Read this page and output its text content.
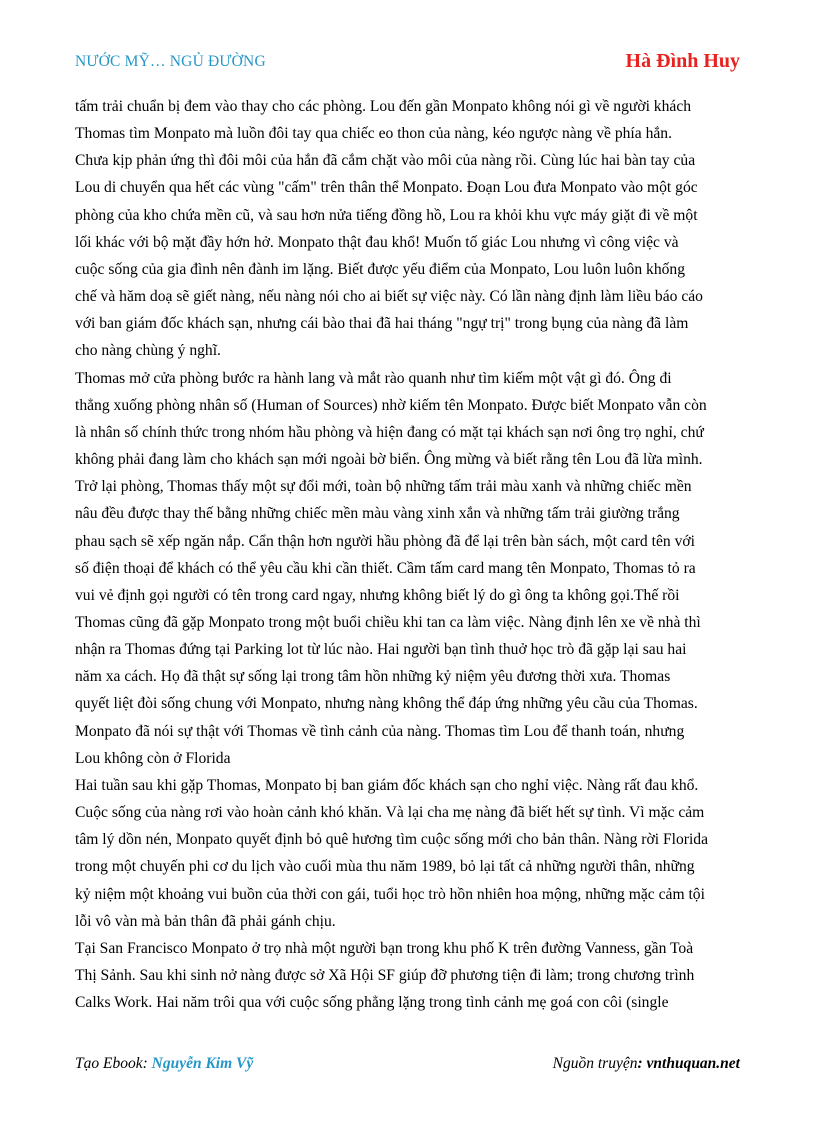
NƯỚC MỸ… NGỦ ĐƯỜNG	Hà Đình Huy

tấm trải chuẩn bị đem vào thay cho các phòng. Lou đến gần Monpato không nói gì về người khách
Thomas tìm Monpato mà luồn đôi tay qua chiếc eo thon của nàng, kéo ngược nàng về phía hắn.
Chưa kịp phản ứng thì đôi môi của hắn đã cắm chặt vào môi của nàng rồi. Cùng lúc hai bàn tay của
Lou di chuyển qua hết các vùng "cấm" trên thân thể Monpato. Đoạn Lou đưa Monpato vào một góc
phòng của kho chứa mền cũ, và sau hơn nửa tiếng đồng hồ, Lou ra khỏi khu vực máy giặt đi về một
lối khác với bộ mặt đầy hớn hở. Monpato thật đau khổ! Muốn tố giác Lou nhưng vì công việc và
cuộc sống của gia đình nên đành im lặng. Biết được yếu điểm của Monpato, Lou luôn luôn khống
chế và hăm doạ sẽ giết nàng, nếu nàng nói cho ai biết sự việc này. Có lần nàng định làm liều báo cáo
với ban giám đốc khách sạn, nhưng cái bào thai đã hai tháng "ngự trị" trong bụng của nàng đã làm
cho nàng chùng ý nghĩ.

Thomas mở cửa phòng bước ra hành lang và mắt rào quanh như tìm kiếm một vật gì đó. Ông đi
thẳng xuống phòng nhân số (Human of Sources) nhờ kiếm tên Monpato. Được biết Monpato vẫn còn
là nhân số chính thức trong nhóm hầu phòng và hiện đang có mặt tại khách sạn nơi ông trọ nghỉ, chứ
không phải đang làm cho khách sạn mới ngoài bờ biển. Ông mừng và biết rằng tên Lou đã lừa mình.
Trở lại phòng, Thomas thấy một sự đổi mới, toàn bộ những tấm trải màu xanh và những chiếc mền
nâu đều được thay thế bằng những chiếc mền màu vàng xinh xắn và những tấm trải giường trắng
phau sạch sẽ xếp ngăn nắp. Cẩn thận hơn người hầu phòng đã để lại trên bàn sách, một card tên với
số điện thoại để khách có thể yêu cầu khi cần thiết. Cầm tấm card mang tên Monpato, Thomas tỏ ra
vui vẻ định gọi người có tên trong card ngay, nhưng không biết lý do gì ông ta không gọi.Thế rồi
Thomas cũng đã gặp Monpato trong một buổi chiều khi tan ca làm việc. Nàng định lên xe về nhà thì
nhận ra Thomas đứng tại Parking lot từ lúc nào. Hai người bạn tình thuở học trò đã gặp lại sau hai
năm xa cách. Họ đã thật sự sống lại trong tâm hồn những kỷ niệm yêu đương thời xưa. Thomas
quyết liệt đòi sống chung với Monpato, nhưng nàng không thể đáp ứng những yêu cầu của Thomas.
Monpato đã nói sự thật với Thomas về tình cảnh của nàng. Thomas tìm Lou để thanh toán, nhưng
Lou không còn ở Florida

Hai tuần sau khi gặp Thomas, Monpato bị ban giám đốc khách sạn cho nghỉ việc. Nàng rất đau khổ.
Cuộc sống của nàng rơi vào hoàn cảnh khó khăn. Và lại cha mẹ nàng đã biết hết sự tình. Vì mặc cảm
tâm lý dồn nén, Monpato quyết định bỏ quê hương tìm cuộc sống mới cho bản thân. Nàng rời Florida
trong một chuyến phi cơ du lịch vào cuối mùa thu năm 1989, bỏ lại tất cả những người thân, những
kỷ niệm một khoảng vui buồn của thời con gái, tuổi học trò hồn nhiên hoa mộng, những mặc cảm tội
lỗi vô vàn mà bản thân đã phải gánh chịu.

Tại San Francisco Monpato ở trọ nhà một người bạn trong khu phố K trên đường Vanness, gần Toà
Thị Sảnh. Sau khi sinh nở nàng được sở Xã Hội SF giúp đỡ phương tiện đi làm; trong chương trình
Calks Work. Hai năm trôi qua với cuộc sống phẳng lặng trong tình cảnh mẹ goá con côi (single

Tạo Ebook: Nguyễn Kim Vỹ	Nguồn truyện: vnthuquan.net
